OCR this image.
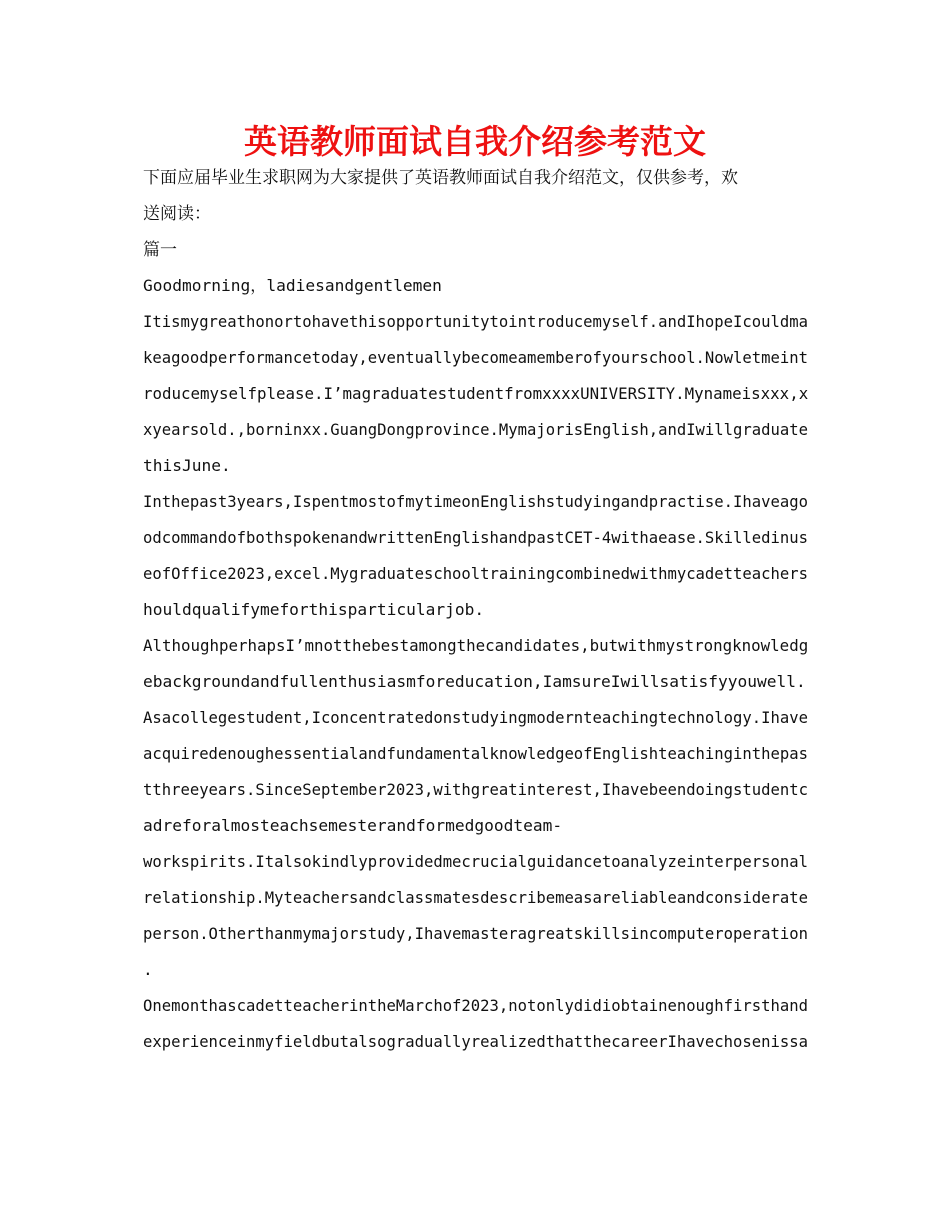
英语教师面试自我介绍参考范文
下面应届毕业生求职网为大家提供了英语教师面试自我介绍范文，仅供参考，欢
送阅读：
篇一
Goodmorning，ladiesandgentlemen
Itismygreathonortohavethisopportunitytointroducemyself.andIhopeIcouldma
keagoodperformancetoday,eventuallybecomeamemberofyourschool.Nowletmeint
roducemyselfplease.I’magraduatestudentfromxxxxUNIVERSITY.Mynameisxxx,x
xyearsold.,borninxx.GuangDongprovince.MymajorisEnglish,andIwillgraduate
thisJune.
Inthepast3years,IspentmostofmytimeonEnglishstudyingandpractise.Ihaveago
odcommandofbothspokenandwrittenEnglishandpastCET-4withaease.Skilledinus
eofOffice2023,excel.Mygraduateschooltrainingcombinedwithmycadetteachers
houldqualifymeforthisparticularjob.
AlthoughperhapsI’mnotthebestamongthecandidates,butwithmystrongknowledg
ebackgroundandfullenthusiasmforeducation,IamsureIwillsatisfyyouwell.
Asacollegestudent,Iconcentratedonstudyingmodernteachingtechnology.Ihave
acquiredenoughessentialandfundamentalknowledgeofEnglishteachinginthepas
tthreeyears.SinceSeptember2023,withgreatinterest,Ihavebeendoingstudentc
adreforalmosteachsemesterandformedgoodteam-
workspirits.Italsokindlyprovidedmecrucialguidancetoanalyzeinterpersonal
relationship.Myteachersandclassmatesdescribemeasareliableandconsiderate
person.Otherthanmymajorstudy,Ihavemasteragreatskillsincomputeroperation
.
OnemonthascadetteacherintheMarchof2023,notonlydidiobtainenoughfirsthand
experienceinmyfieldbutalsograduallyrealizedthatthecareerIhavechosenissa
